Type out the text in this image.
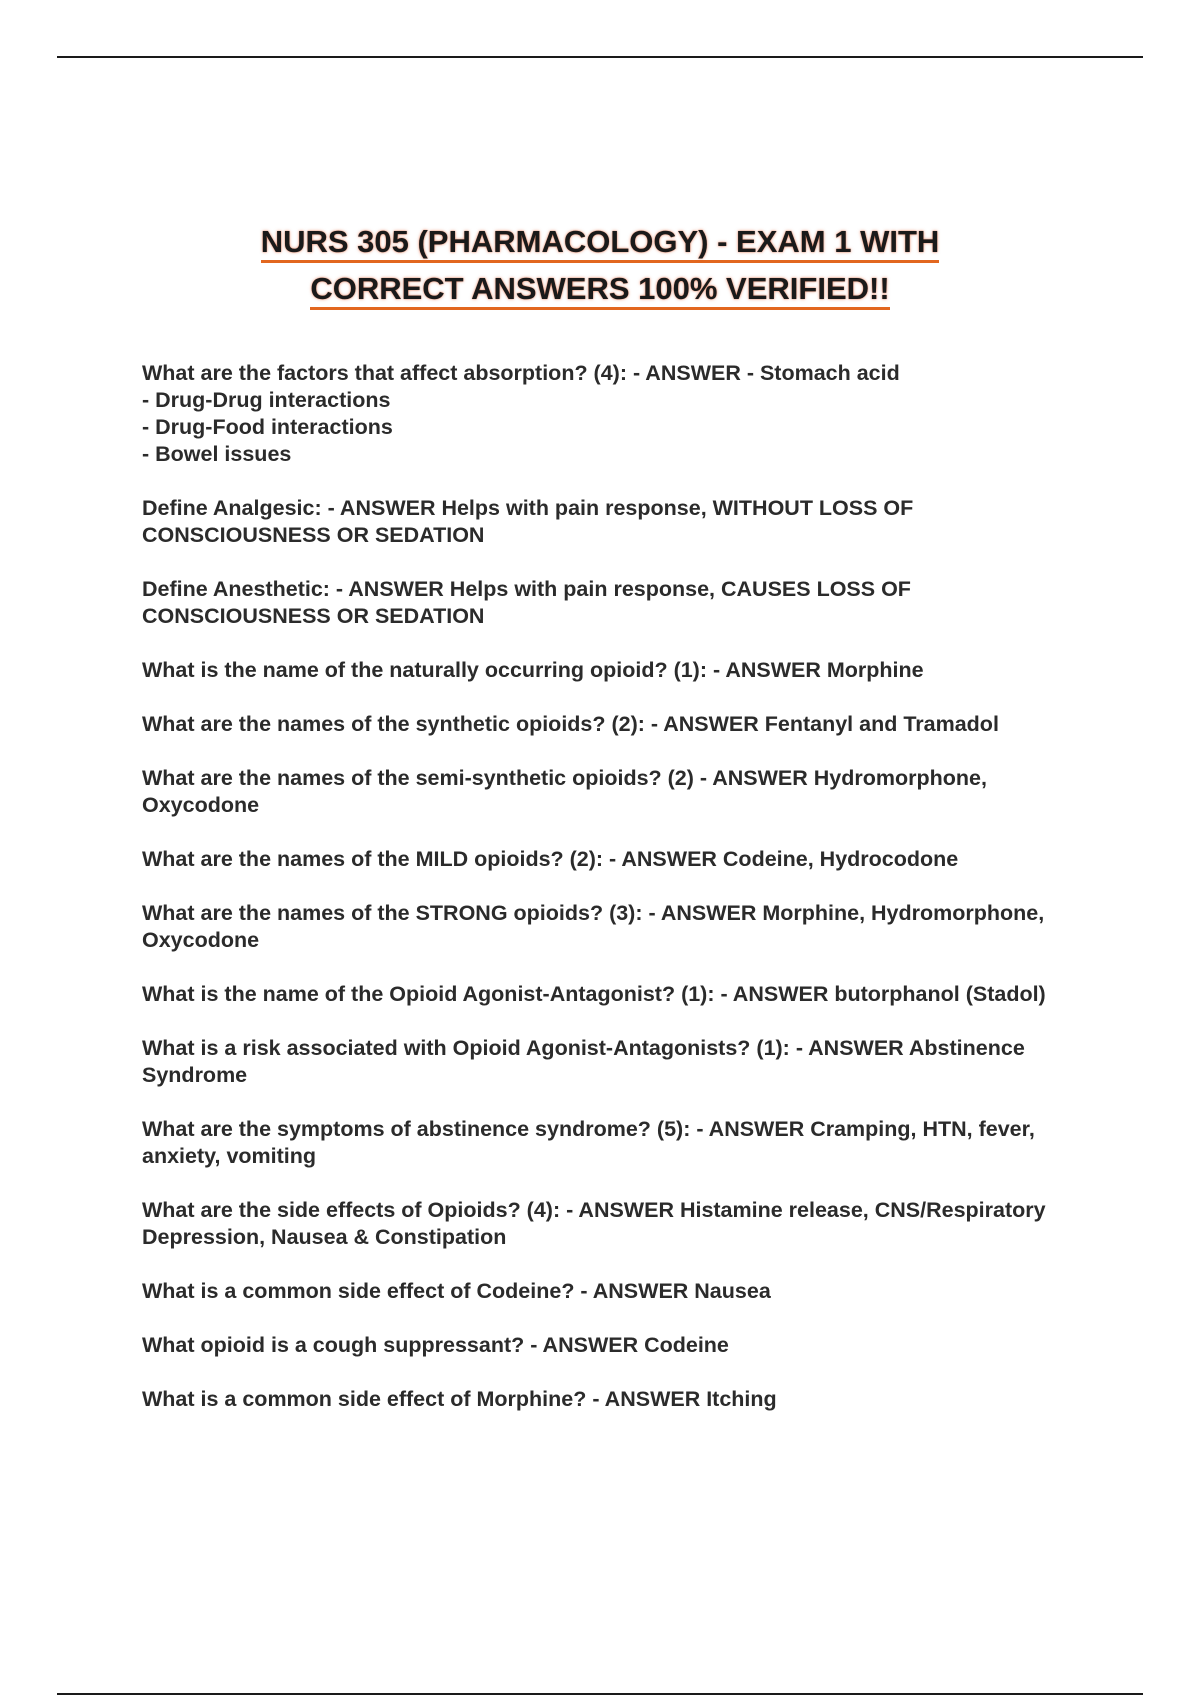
NURS 305 (PHARMACOLOGY) - EXAM 1 WITH
CORRECT ANSWERS 100% VERIFIED!!
What are the factors that affect absorption? (4): - ANSWER - Stomach acid
- Drug-Drug interactions
- Drug-Food interactions
- Bowel issues
Define Analgesic: - ANSWER Helps with pain response, WITHOUT LOSS OF CONSCIOUSNESS OR SEDATION
Define Anesthetic: - ANSWER Helps with pain response, CAUSES LOSS OF CONSCIOUSNESS OR SEDATION
What is the name of the naturally occurring opioid? (1): - ANSWER Morphine
What are the names of the synthetic opioids? (2): - ANSWER Fentanyl and Tramadol
What are the names of the semi-synthetic opioids? (2) - ANSWER Hydromorphone, Oxycodone
What are the names of the MILD opioids? (2): - ANSWER Codeine, Hydrocodone
What are the names of the STRONG opioids? (3): - ANSWER Morphine, Hydromorphone, Oxycodone
What is the name of the Opioid Agonist-Antagonist? (1): - ANSWER butorphanol (Stadol)
What is a risk associated with Opioid Agonist-Antagonists? (1): - ANSWER Abstinence Syndrome
What are the symptoms of abstinence syndrome? (5): - ANSWER Cramping, HTN, fever, anxiety, vomiting
What are the side effects of Opioids? (4): - ANSWER Histamine release, CNS/Respiratory Depression, Nausea & Constipation
What is a common side effect of Codeine? - ANSWER Nausea
What opioid is a cough suppressant? - ANSWER Codeine
What is a common side effect of Morphine? - ANSWER Itching
